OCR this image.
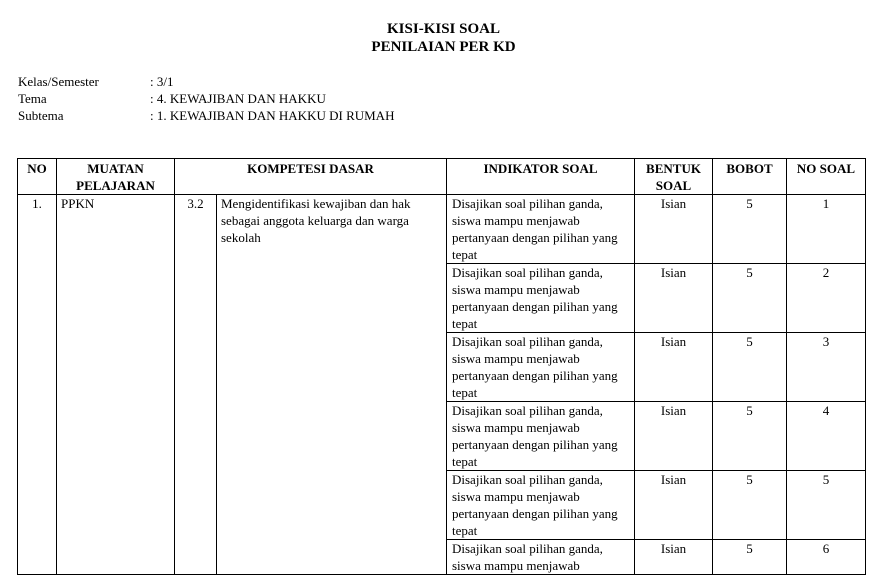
KISI-KISI SOAL
PENILAIAN PER KD
Kelas/Semester	: 3/1
Tema	: 4. KEWAJIBAN DAN HAKKU
Subtema	: 1. KEWAJIBAN DAN HAKKU DI RUMAH
NO	MUATAN PELAJARAN	KOMPETESI DASAR		INDIKATOR SOAL	BENTUK SOAL	BOBOT	NO SOAL
1.	PPKN	3.2	Mengidentifikasi kewajiban dan hak sebagai anggota keluarga dan warga sekolah	Disajikan soal pilihan ganda, siswa mampu menjawab pertanyaan dengan pilihan yang tepat	Isian	5	1
				Disajikan soal pilihan ganda, siswa mampu menjawab pertanyaan dengan pilihan yang tepat	Isian	5	2
				Disajikan soal pilihan ganda, siswa mampu menjawab pertanyaan dengan pilihan yang tepat	Isian	5	3
				Disajikan soal pilihan ganda, siswa mampu menjawab pertanyaan dengan pilihan yang tepat	Isian	5	4
				Disajikan soal pilihan ganda, siswa mampu menjawab pertanyaan dengan pilihan yang tepat	Isian	5	5
				Disajikan soal pilihan ganda, siswa mampu menjawab	Isian	5	6
